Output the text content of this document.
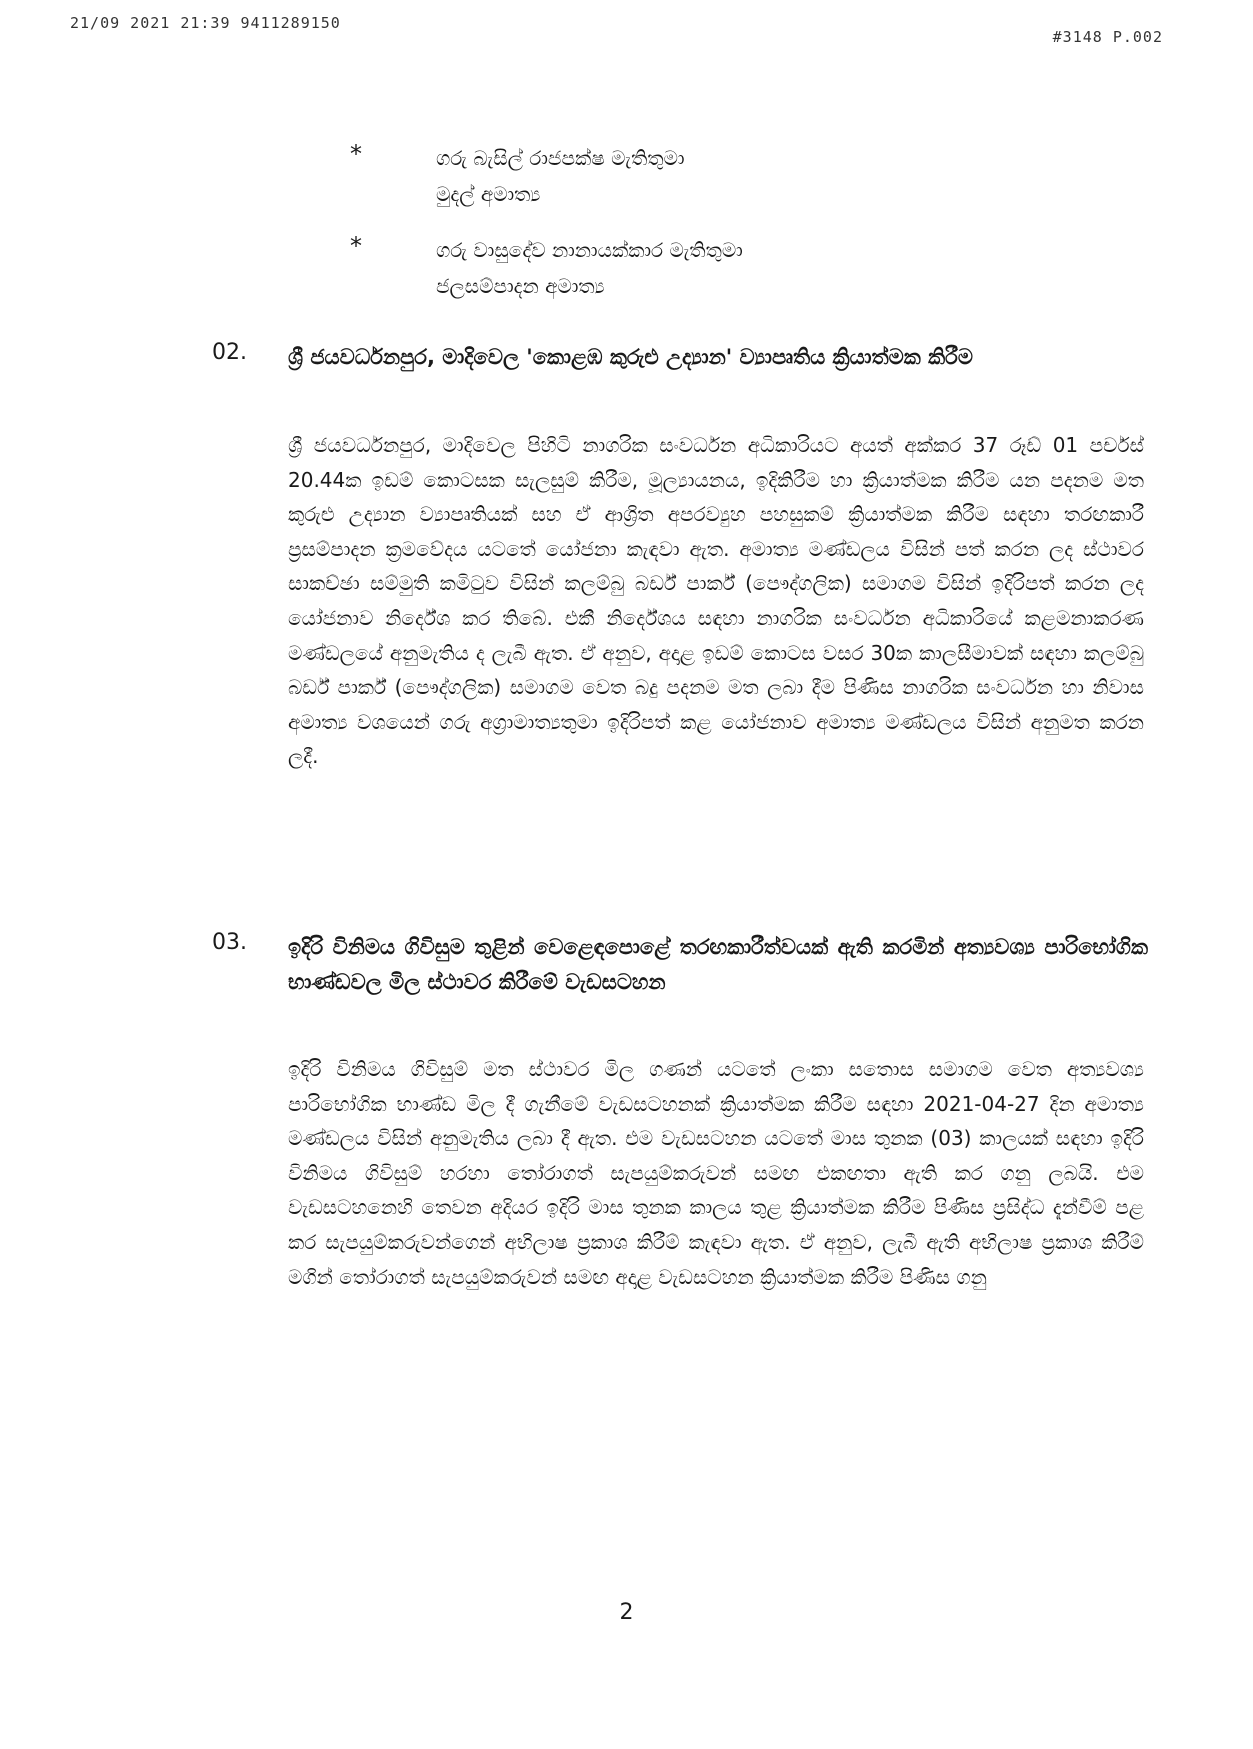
21/09 2021 21:39 9411289150
#3148 P.002
*	ගරු බැසිල් රාජපක්ෂ මැතිතුමා
මුදල් අමාත්‍ය
*	ගරු වාසුදේව නානායක්කාර මැතිතුමා
ජලසම්පාදන අමාත්‍ය
02. ශ්‍රී ජයවර්ධනපුර, මාදිවෙල 'කොළඹ කුරුළු උද්‍යාන' ව්‍යාපෘතිය ක්‍රියාත්මක කිරීම
ශ්‍රී ජයවර්ධනපුර, මාදිවෙල පිහිටි නාගරික සංවර්ධන අධිකාරියට අයත් අක්කර 37 රූඩ් 01 පර්චස් 20.44ක ඉඩම් කොටසක සැලසුම් කිරීම, මූල්‍යායනය, ඉදිකිරීම හා ක්‍රියාත්මක කිරීම යන පදනම මත කුරුළු උද්‍යාන ව්‍යාපෘතියක් සහ ඒ ආශ්‍රිත අපරව්‍යුහ පහසුකම් ක්‍රියාත්මක කිරීම සඳහා තරඟකාරී ප්‍රසම්පාදන ක්‍රමවේදය යටතේ යෝජනා කැඳවා ඇත. අමාත්‍ය මණ්ඩලය විසින් පත් කරන ලද ස්ථාවර සාකච්ඡා සම්මුති කමිටුව විසින් කලම්බු බර්ඩ් පාර්ක් (පෞද්ගලික) සමාගම විසින් ඉදිරිපත් කරන ලද යෝජනාව නිර්දේශ කර තිබේ. එකී නිර්දේශය සඳහා නාගරික සංවර්ධන අධිකාරියේ කළමනාකරණ මණ්ඩලයේ අනුමැතිය ද ලැබී ඇත. ඒ අනුව, අදාළ ඉඩම් කොටස වසර 30ක කාලසීමාවක් සඳහා කලම්බු බර්ඩ් පාර්ක් (පෞද්ගලික) සමාගම වෙත බදු පදනම මත ලබා දීම පිණිස නාගරික සංවර්ධන හා නිවාස අමාත්‍ය වශයෙන් ගරු අග්‍රාමාත්‍යතුමා ඉදිරිපත් කළ යෝජනාව අමාත්‍ය මණ්ඩලය විසින් අනුමත කරන ලදී.
03. ඉදිරි විනිමය ගිවිසුම තුළින් වෙළෙඳපොළේ තරඟකාරීත්වයක් ඇති කරමින් අත්‍යවශ්‍ය පාරිභෝගික භාණ්ඩවල මිල ස්ථාවර කිරීමේ වැඩසටහන
ඉදිරි විනිමය ගිවිසුම් මත ස්ථාවර මිල ගණන් යටතේ ලංකා සතොස සමාගම වෙත අත්‍යවශ්‍ය පාරිභෝගික භාණ්ඩ මිල දී ගැනීමේ වැඩසටහනක් ක්‍රියාත්මක කිරීම සඳහා 2021-04-27 දින අමාත්‍ය මණ්ඩලය විසින් අනුමැතිය ලබා දී ඇත. එම වැඩසටහන යටතේ මාස තුනක (03) කාලයක් සඳහා ඉදිරි විනිමය ගිවිසුම් හරහා තෝරාගත් සැපයුම්කරුවන් සමඟ එකඟතා ඇති කර ගනු ලබයි. එම වැඩසටහනෙහි තෙවන අදියර ඉදිරි මාස තුනක කාලය තුළ ක්‍රියාත්මක කිරීම පිණිස ප්‍රසිද්ධ දැන්වීම් පළ කර සැපයුම්කරුවන්ගෙන් අභිලාෂ ප්‍රකාශ කිරීම් කැඳවා ඇත. ඒ අනුව, ලැබී ඇති අභිලාෂ ප්‍රකාශ කිරීම් මගින් තෝරාගත් සැපයුම්කරුවන් සමඟ අදාළ වැඩසටහන ක්‍රියාත්මක කිරීම පිණිස ගනු
2
